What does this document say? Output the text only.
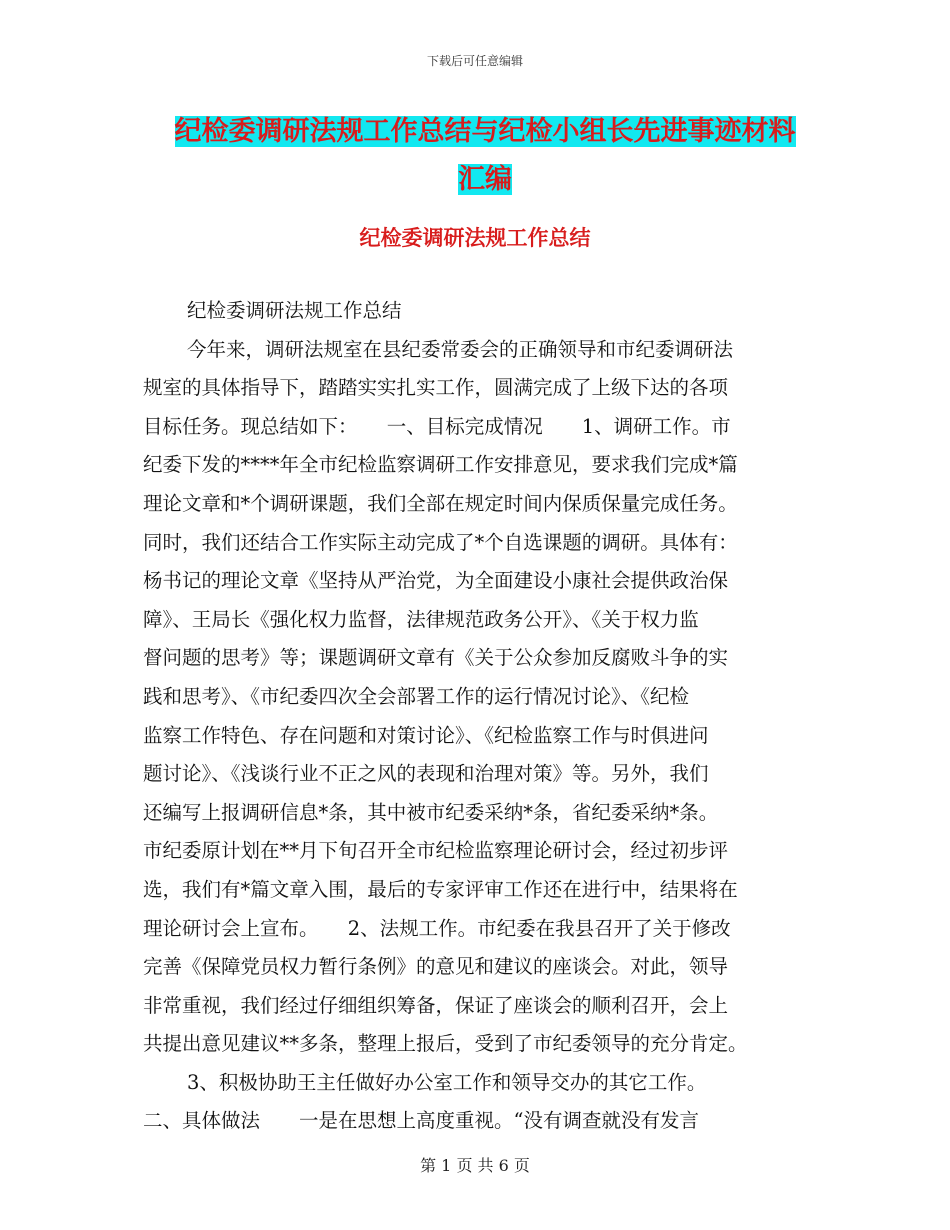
下载后可任意编辑
纪检委调研法规工作总结与纪检小组长先进事迹材料
汇编
纪检委调研法规工作总结
纪检委调研法规工作总结
今年来，调研法规室在县纪委常委会的正确领导和市纪委调研法
规室的具体指导下，踏踏实实扎实工作，圆满完成了上级下达的各项
目标任务。现总结如下：　　一、目标完成情况　　1、调研工作。市
纪委下发的****年全市纪检监察调研工作安排意见，要求我们完成*篇
理论文章和*个调研课题，我们全部在规定时间内保质保量完成任务。
同时，我们还结合工作实际主动完成了*个自选课题的调研。具体有：
杨书记的理论文章《坚持从严治党，为全面建设小康社会提供政治保
障》、王局长《强化权力监督，法律规范政务公开》、《关于权力监
督问题的思考》等；课题调研文章有《关于公众参加反腐败斗争的实
践和思考》、《市纪委四次全会部署工作的运行情况讨论》、《纪检
监察工作特色、存在问题和对策讨论》、《纪检监察工作与时俱进问
题讨论》、《浅谈行业不正之风的表现和治理对策》等。另外，我们
还编写上报调研信息*条，其中被市纪委采纳*条，省纪委采纳*条。
市纪委原计划在**月下旬召开全市纪检监察理论研讨会，经过初步评
选，我们有*篇文章入围，最后的专家评审工作还在进行中，结果将在
理论研讨会上宣布。　　2、法规工作。市纪委在我县召开了关于修改
完善《保障党员权力暂行条例》的意见和建议的座谈会。对此，领导
非常重视，我们经过仔细组织筹备，保证了座谈会的顺利召开，会上
共提出意见建议**多条，整理上报后，受到了市纪委领导的充分肯定。
3、积极协助王主任做好办公室工作和领导交办的其它工作。
二、具体做法　　一是在思想上高度重视。“没有调查就没有发言
第 1 页 共 6 页
